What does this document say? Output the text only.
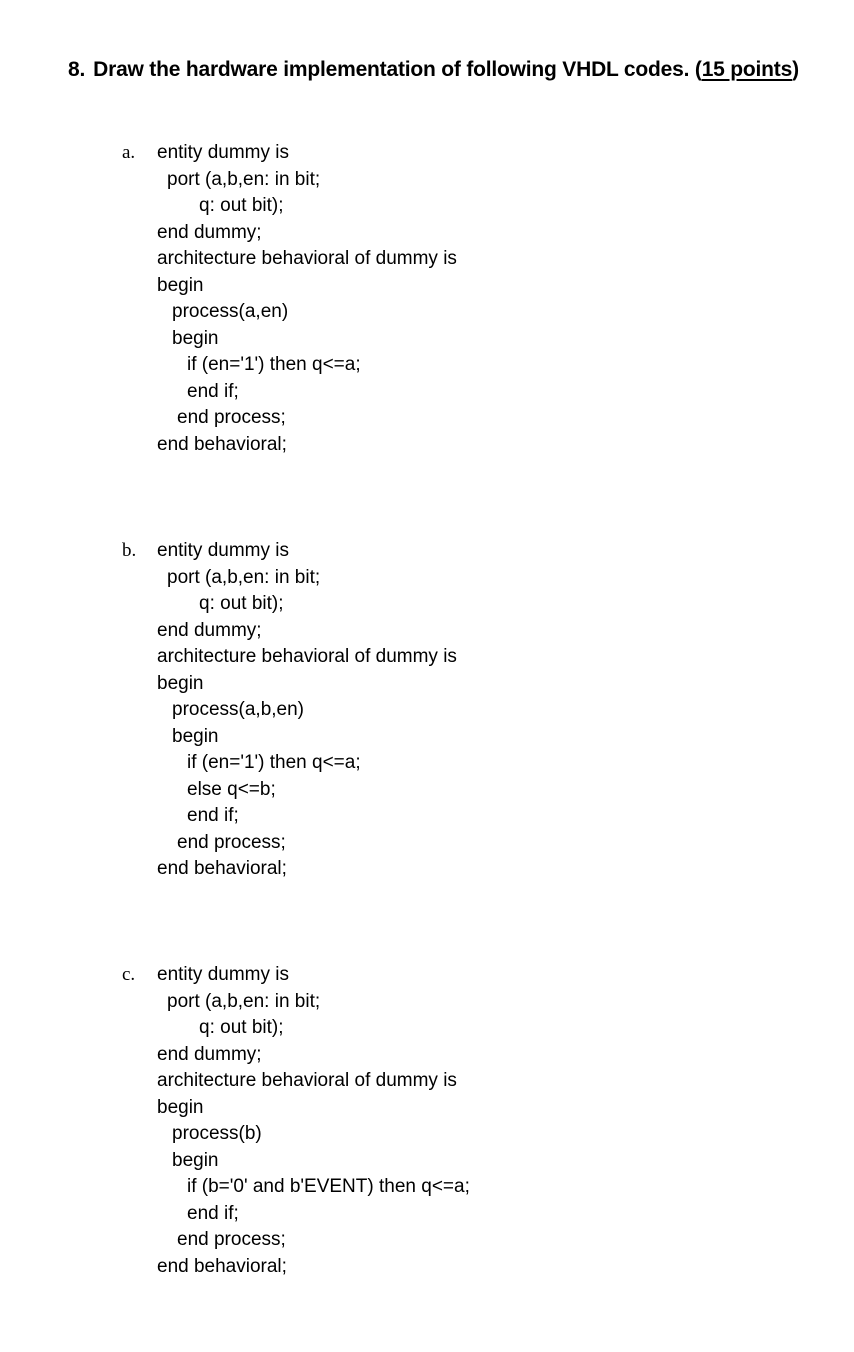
8. Draw the hardware implementation of following VHDL codes. (15 points)
a. entity dummy is
port (a,b,en: in bit;
q: out bit);
end dummy;
architecture behavioral of dummy is
begin
process(a,en)
begin
if (en='1') then q<=a;
end if;
end process;
end behavioral;
b. entity dummy is
port (a,b,en: in bit;
q: out bit);
end dummy;
architecture behavioral of dummy is
begin
process(a,b,en)
begin
if (en='1') then q<=a;
else q<=b;
end if;
end process;
end behavioral;
c. entity dummy is
port (a,b,en: in bit;
q: out bit);
end dummy;
architecture behavioral of dummy is
begin
process(b)
begin
if (b='0' and b'EVENT) then q<=a;
end if;
end process;
end behavioral;
